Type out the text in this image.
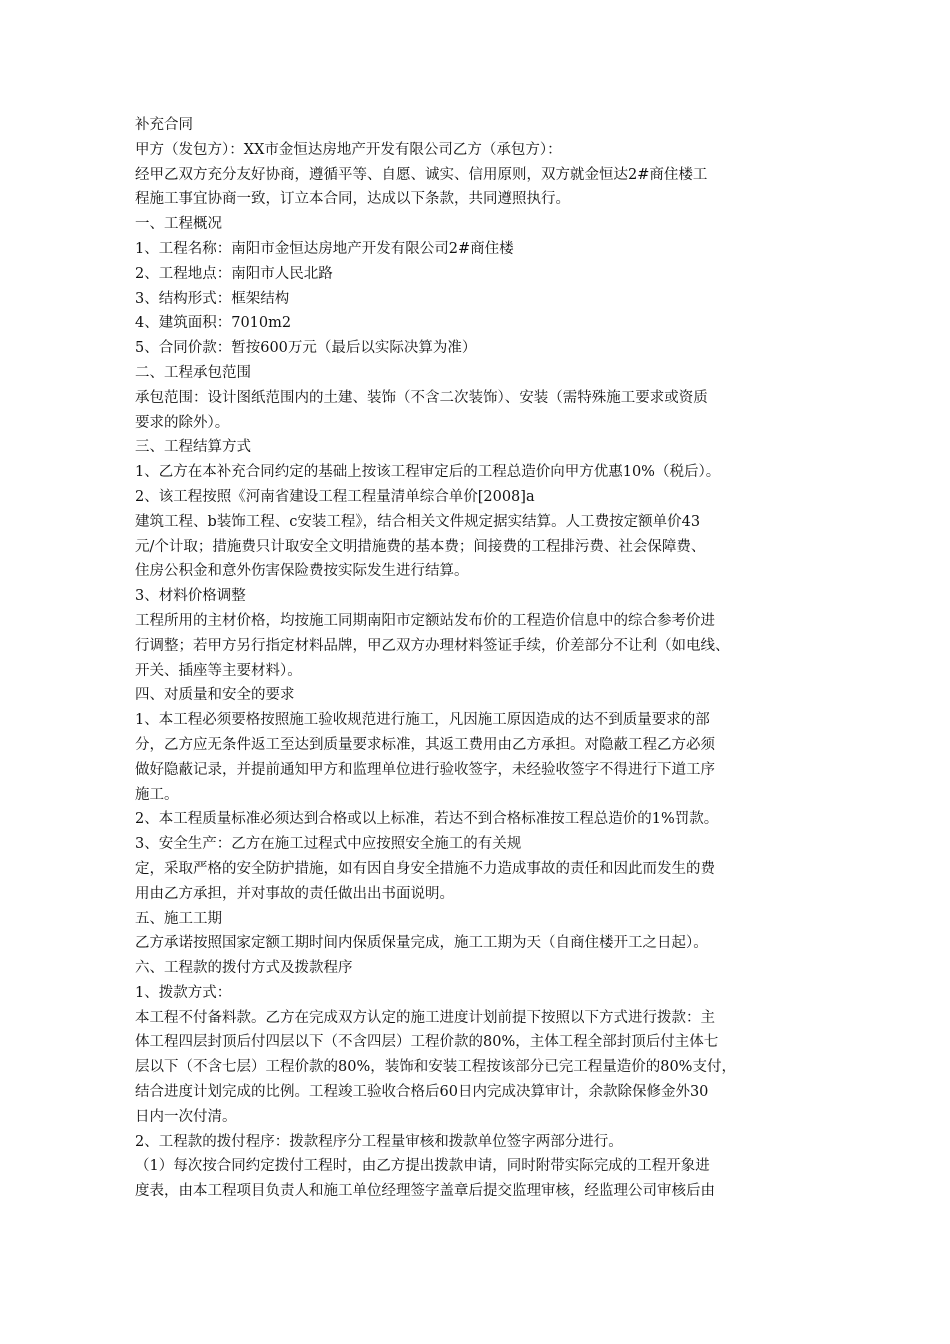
补充合同

甲方（发包方）：XX市金恒达房地产开发有限公司乙方（承包方）：

经甲乙双方充分友好协商，遵循平等、自愿、诚实、信用原则，双方就金恒达2#商住楼工

程施工事宜协商一致，订立本合同，达成以下条款，共同遵照执行。

一、工程概况

1、工程名称：南阳市金恒达房地产开发有限公司2#商住楼

2、工程地点：南阳市人民北路

3、结构形式：框架结构

4、建筑面积：7010m2

5、合同价款：暂按600万元（最后以实际决算为准）

二、工程承包范围

承包范围：设计图纸范围内的土建、装饰（不含二次装饰）、安装（需特殊施工要求或资质

要求的除外）。

三、工程结算方式

1、乙方在本补充合同约定的基础上按该工程审定后的工程总造价向甲方优惠10%（税后）。

2、该工程按照《河南省建设工程工程量清单综合单价[2008]a

建筑工程、b装饰工程、c安装工程》，结合相关文件规定据实结算。人工费按定额单价43

元/个计取；措施费只计取安全文明措施费的基本费；间接费的工程排污费、社会保障费、

住房公积金和意外伤害保险费按实际发生进行结算。

3、材料价格调整

工程所用的主材价格，均按施工同期南阳市定额站发布价的工程造价信息中的综合参考价进

行调整；若甲方另行指定材料品牌，甲乙双方办理材料签证手续，价差部分不让利（如电线、

开关、插座等主要材料）。

四、对质量和安全的要求

1、本工程必须要格按照施工验收规范进行施工，凡因施工原因造成的达不到质量要求的部

分，乙方应无条件返工至达到质量要求标准，其返工费用由乙方承担。对隐蔽工程乙方必须

做好隐蔽记录，并提前通知甲方和监理单位进行验收签字，未经验收签字不得进行下道工序

施工。

2、本工程质量标准必须达到合格或以上标准，若达不到合格标准按工程总造价的1%罚款。

3、安全生产：乙方在施工过程式中应按照安全施工的有关规

定，采取严格的安全防护措施，如有因自身安全措施不力造成事故的责任和因此而发生的费

用由乙方承担，并对事故的责任做出出书面说明。

五、施工工期

乙方承诺按照国家定额工期时间内保质保量完成，施工工期为天（自商住楼开工之日起）。

六、工程款的拨付方式及拨款程序

1、拨款方式：

本工程不付备料款。乙方在完成双方认定的施工进度计划前提下按照以下方式进行拨款：主

体工程四层封顶后付四层以下（不含四层）工程价款的80%，主体工程全部封顶后付主体七

层以下（不含七层）工程价款的80%，装饰和安装工程按该部分已完工程量造价的80%支付，

结合进度计划完成的比例。工程竣工验收合格后60日内完成决算审计，余款除保修金外30

日内一次付清。

2、工程款的拨付程序：拨款程序分工程量审核和拨款单位签字两部分进行。

（1）每次按合同约定拨付工程时，由乙方提出拨款申请，同时附带实际完成的工程开象进

度表，由本工程项目负责人和施工单位经理签字盖章后提交监理审核，经监理公司审核后由
